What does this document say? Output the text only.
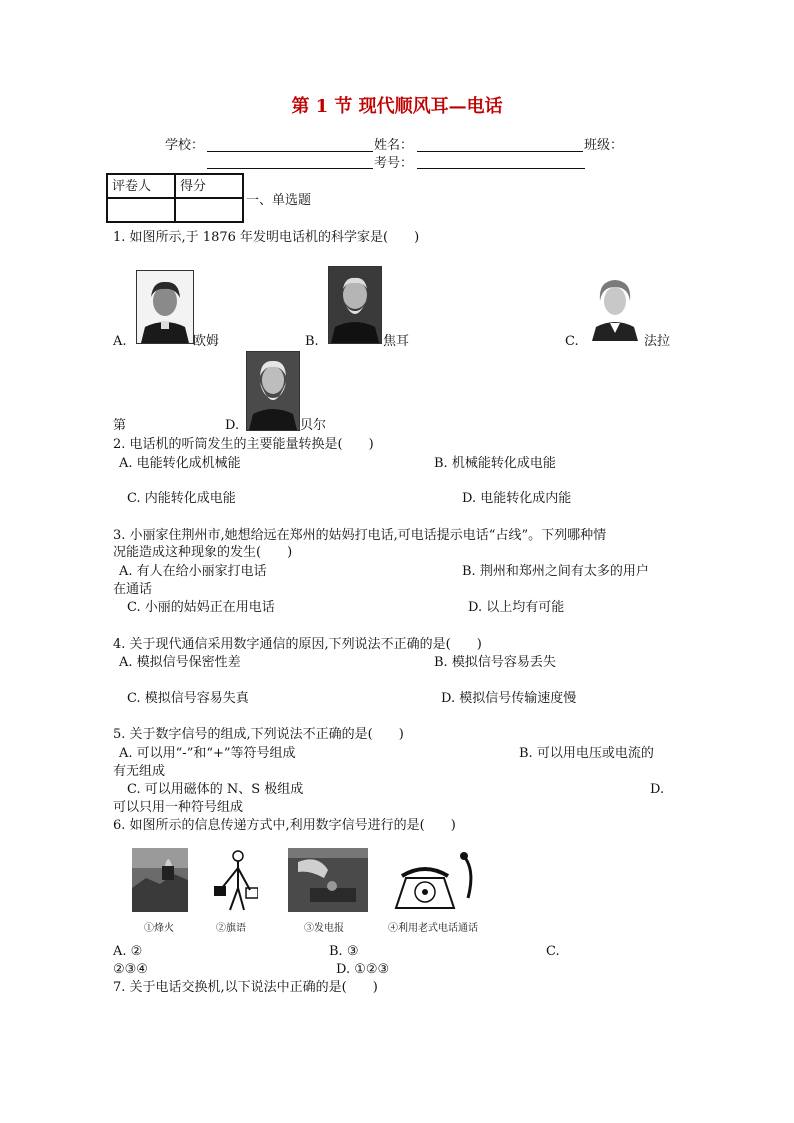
第 1 节 现代顺风耳—电话
学校：	姓名：	班级：
考号：
评卷人	得分

一、单选题
1. 如图所示,于 1876 年发明电话机的科学家是(　　)
A.	欧姆	B.	焦耳	C.	法拉
第	D.	贝尔
2. 电话机的听筒发生的主要能量转换是(　　)
A. 电能转化成机械能	B. 机械能转化成电能
C. 内能转化成电能	D. 电能转化成内能
3. 小丽家住荆州市,她想给远在郑州的姑妈打电话,可电话提示电话“占线”。下列哪种情
况能造成这种现象的发生(　　)
A. 有人在给小丽家打电话	B. 荆州和郑州之间有太多的用户
在通话
C. 小丽的姑妈正在用电话	D. 以上均有可能
4. 关于现代通信采用数字通信的原因,下列说法不正确的是(　　)
A. 模拟信号保密性差	B. 模拟信号容易丢失
C. 模拟信号容易失真	D. 模拟信号传输速度慢
5. 关于数字信号的组成,下列说法不正确的是(　　)
A. 可以用“-”和“+”等符号组成	B. 可以用电压或电流的
有无组成
C. 可以用磁体的 N、S 极组成	D.
可以只用一种符号组成
6. 如图所示的信息传递方式中,利用数字信号进行的是(　　)
①烽火	②旗语	③发电报	④利用老式电话通话
A. ②	B. ③	C.
②③④	D. ①②③
7. 关于电话交换机,以下说法中正确的是(　　)
